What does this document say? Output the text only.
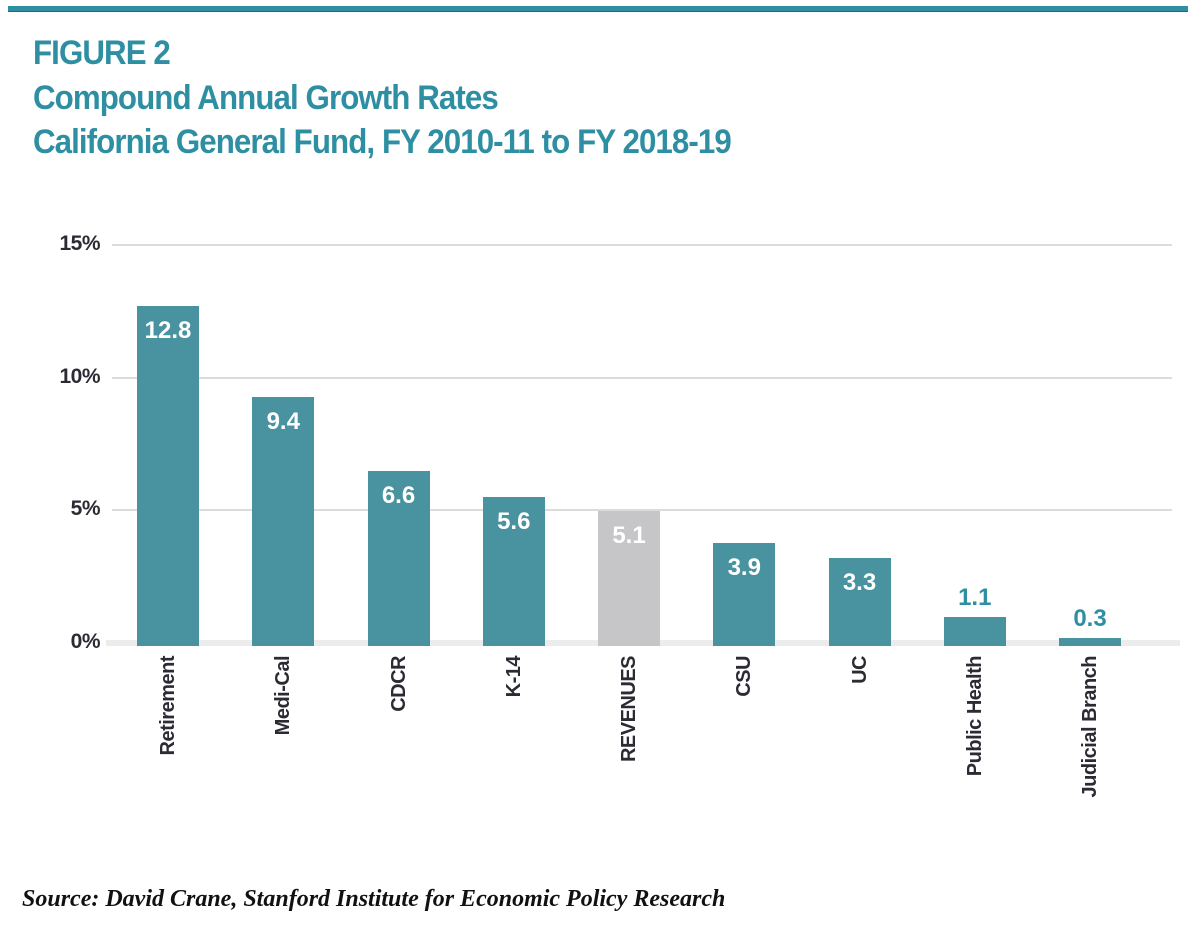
FIGURE 2
Compound Annual Growth Rates
California General Fund, FY 2010-11 to FY 2018-19
15%
10%
5%
0%
12.8
Retirement
9.4
Medi-Cal
6.6
CDCR
5.6
K-14
5.1
REVENUES
3.9
CSU
3.3
UC
1.1
Public Health
0.3
Judicial Branch
Source: David Crane, Stanford Institute for Economic Policy Research
